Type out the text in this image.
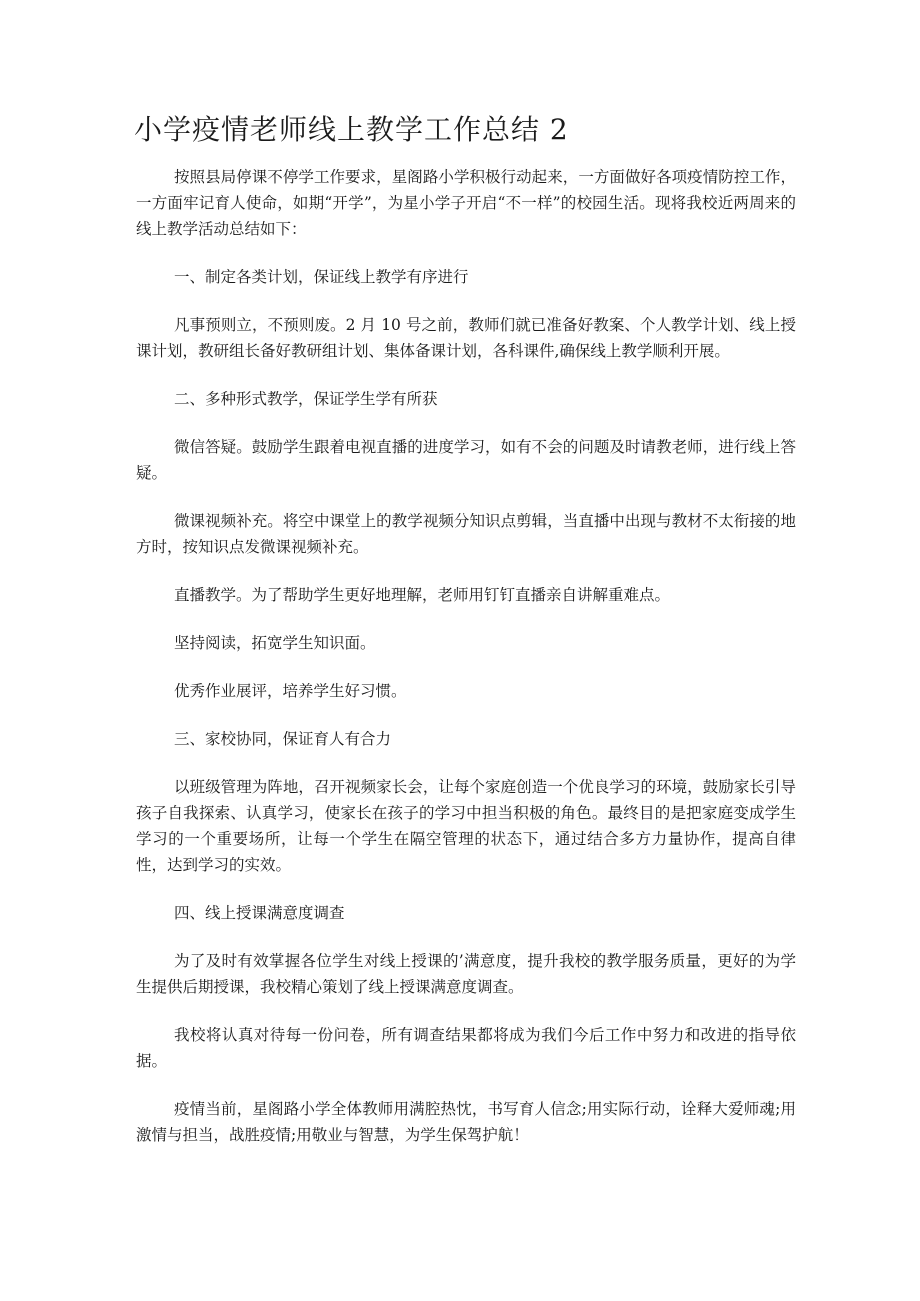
小学疫情老师线上教学工作总结 2

按照县局停课不停学工作要求，星阁路小学积极行动起来，一方面做好各项疫情防控工作，一方面牢记育人使命，如期“开学”，为星小学子开启“不一样”的校园生活。现将我校近两周来的线上教学活动总结如下：

一、制定各类计划，保证线上教学有序进行

凡事预则立，不预则废。2 月 10 号之前，教师们就已准备好教案、个人教学计划、线上授课计划，教研组长备好教研组计划、集体备课计划，各科课件,确保线上教学顺利开展。

二、多种形式教学，保证学生学有所获

微信答疑。鼓励学生跟着电视直播的进度学习，如有不会的问题及时请教老师，进行线上答疑。

微课视频补充。将空中课堂上的教学视频分知识点剪辑，当直播中出现与教材不太衔接的地方时，按知识点发微课视频补充。

直播教学。为了帮助学生更好地理解，老师用钉钉直播亲自讲解重难点。

坚持阅读，拓宽学生知识面。

优秀作业展评，培养学生好习惯。

三、家校协同，保证育人有合力

以班级管理为阵地，召开视频家长会，让每个家庭创造一个优良学习的环境，鼓励家长引导孩子自我探索、认真学习，使家长在孩子的学习中担当积极的角色。最终目的是把家庭变成学生学习的一个重要场所，让每一个学生在隔空管理的状态下，通过结合多方力量协作，提高自律性，达到学习的实效。

四、线上授课满意度调查

为了及时有效掌握各位学生对线上授课的’满意度，提升我校的教学服务质量，更好的为学生提供后期授课，我校精心策划了线上授课满意度调查。

我校将认真对待每一份问卷，所有调查结果都将成为我们今后工作中努力和改进的指导依据。

疫情当前，星阁路小学全体教师用满腔热忱，书写育人信念;用实际行动，诠释大爱师魂;用激情与担当，战胜疫情;用敬业与智慧，为学生保驾护航！
